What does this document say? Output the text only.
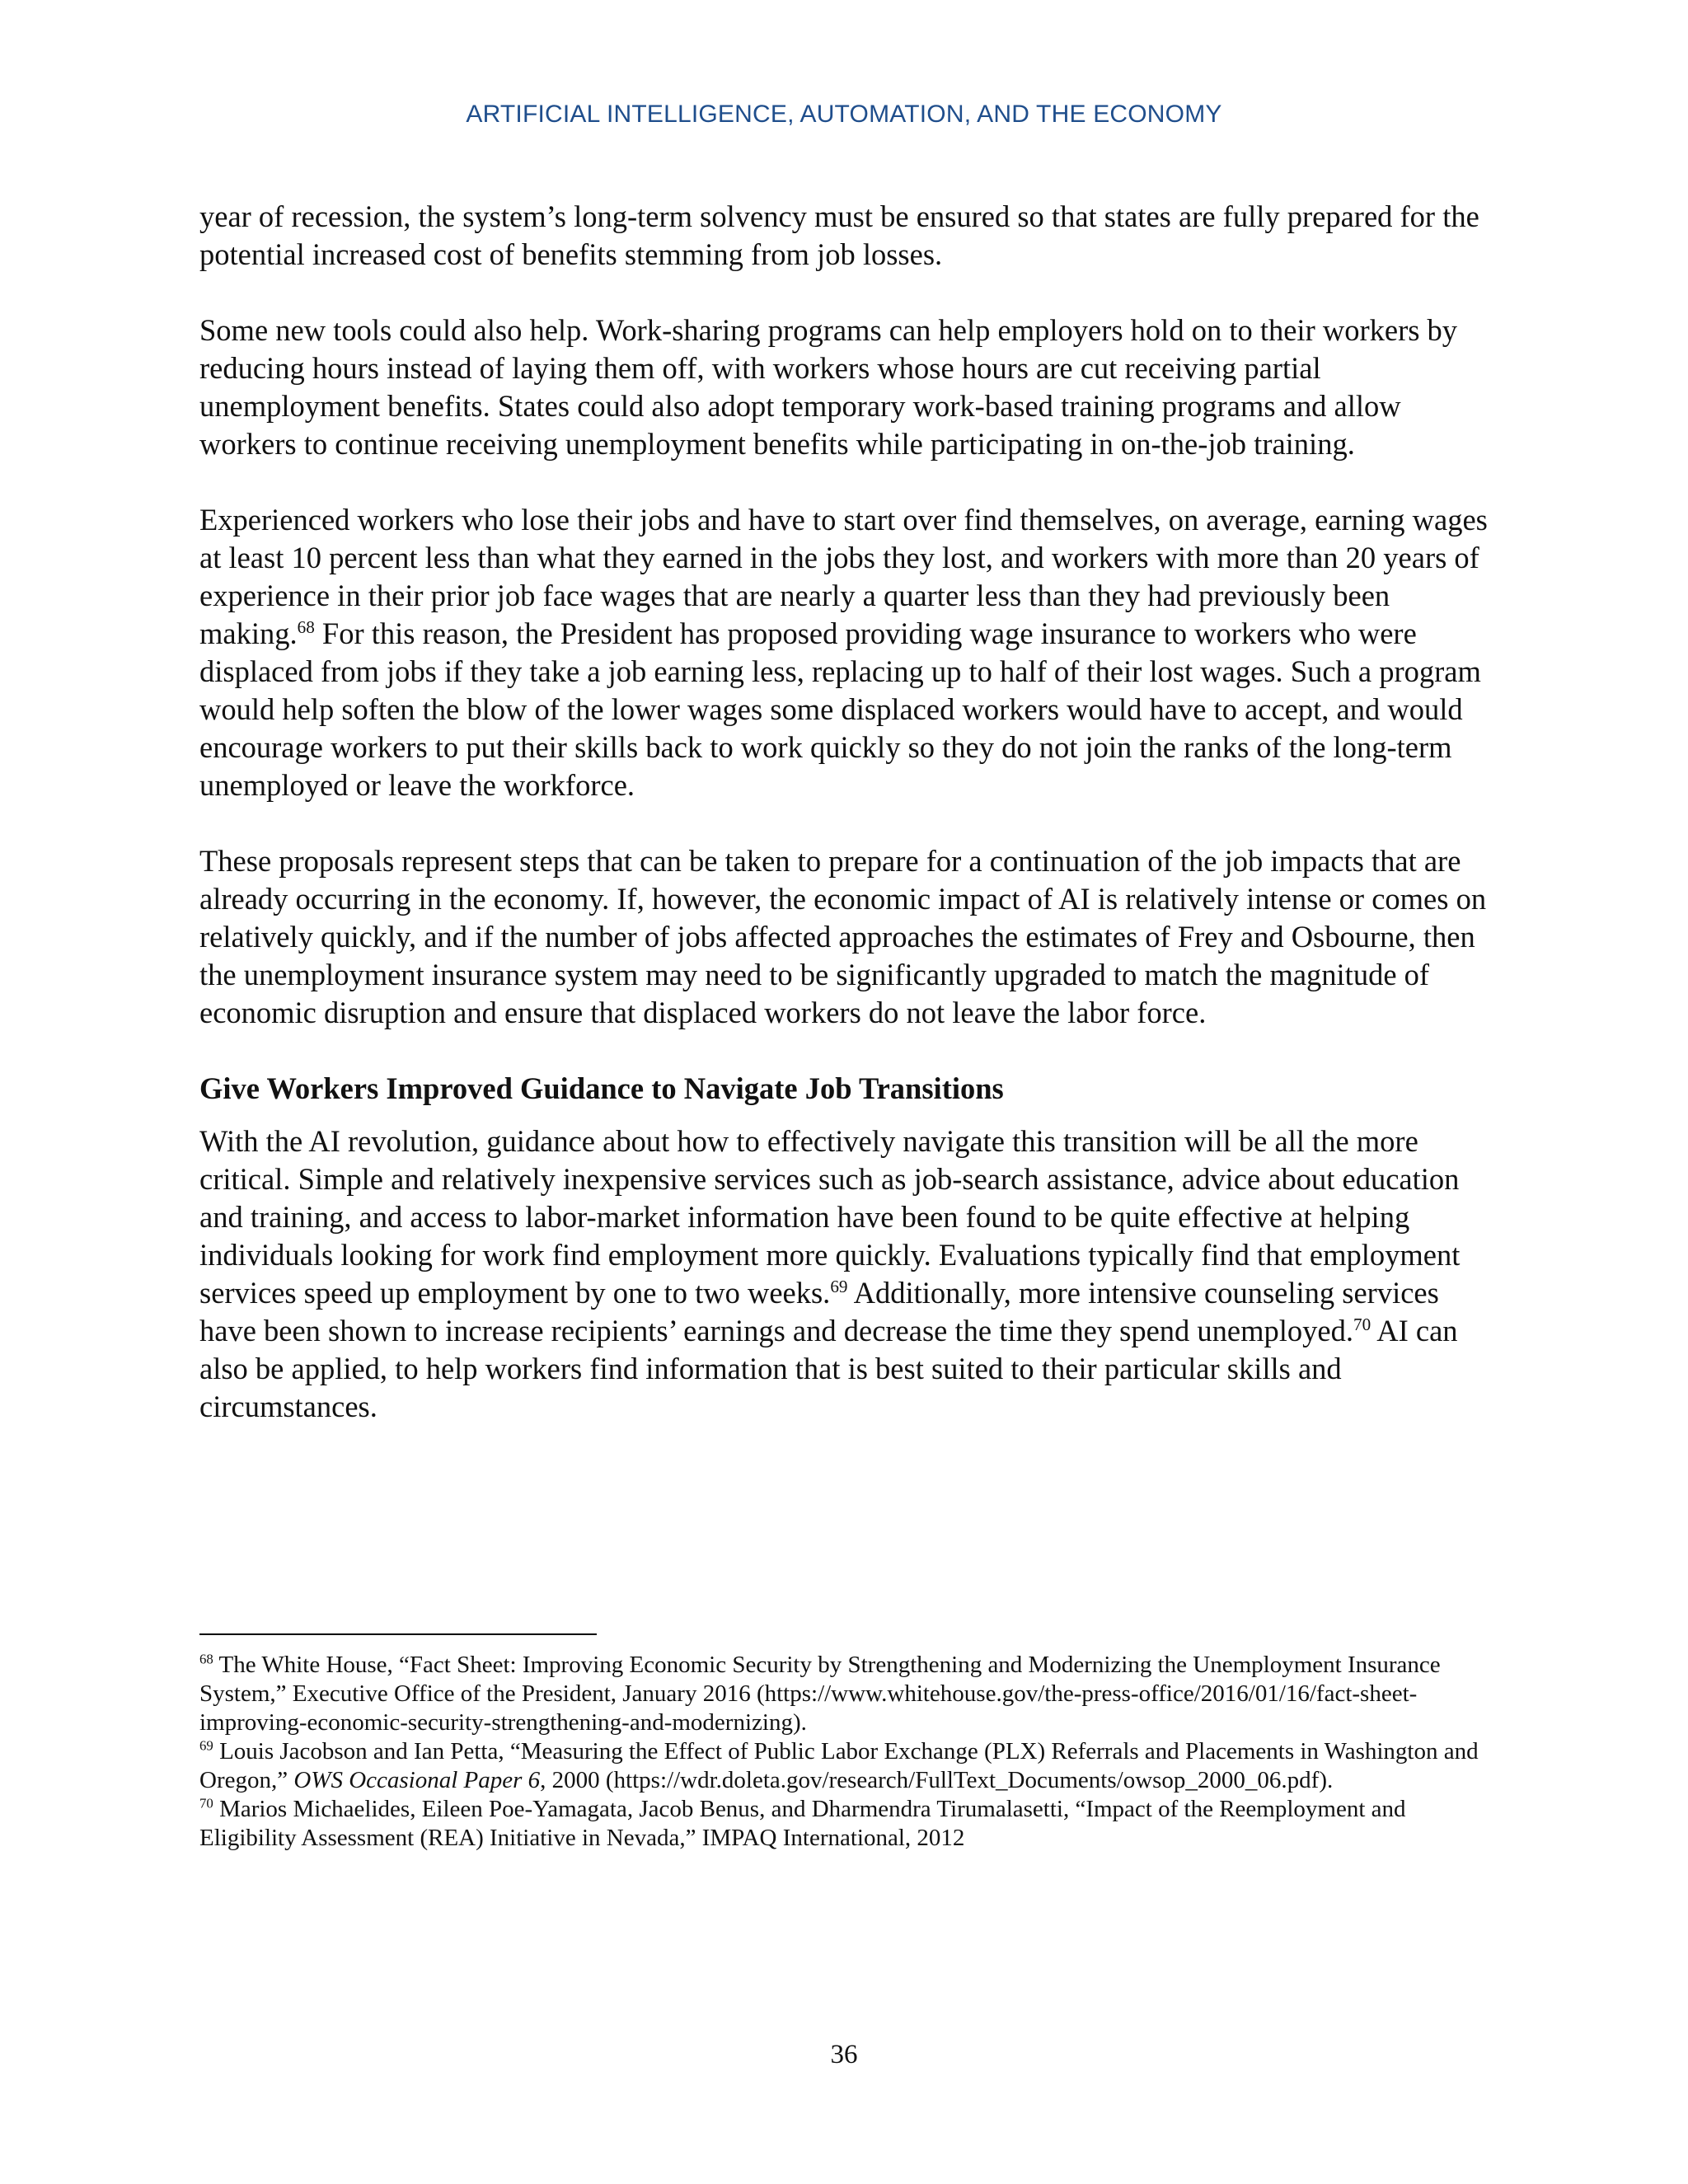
ARTIFICIAL INTELLIGENCE, AUTOMATION, AND THE ECONOMY

year of recession, the system’s long-term solvency must be ensured so that states are fully prepared for the potential increased cost of benefits stemming from job losses.

Some new tools could also help. Work-sharing programs can help employers hold on to their workers by reducing hours instead of laying them off, with workers whose hours are cut receiving partial unemployment benefits. States could also adopt temporary work-based training programs and allow workers to continue receiving unemployment benefits while participating in on-the-job training.

Experienced workers who lose their jobs and have to start over find themselves, on average, earning wages at least 10 percent less than what they earned in the jobs they lost, and workers with more than 20 years of experience in their prior job face wages that are nearly a quarter less than they had previously been making.$^{68}$ For this reason, the President has proposed providing wage insurance to workers who were displaced from jobs if they take a job earning less, replacing up to half of their lost wages. Such a program would help soften the blow of the lower wages some displaced workers would have to accept, and would encourage workers to put their skills back to work quickly so they do not join the ranks of the long-term unemployed or leave the workforce.

These proposals represent steps that can be taken to prepare for a continuation of the job impacts that are already occurring in the economy. If, however, the economic impact of AI is relatively intense or comes on relatively quickly, and if the number of jobs affected approaches the estimates of Frey and Osbourne, then the unemployment insurance system may need to be significantly upgraded to match the magnitude of economic disruption and ensure that displaced workers do not leave the labor force.

Give Workers Improved Guidance to Navigate Job Transitions

With the AI revolution, guidance about how to effectively navigate this transition will be all the more critical. Simple and relatively inexpensive services such as job-search assistance, advice about education and training, and access to labor-market information have been found to be quite effective at helping individuals looking for work find employment more quickly. Evaluations typically find that employment services speed up employment by one to two weeks.$^{69}$ Additionally, more intensive counseling services have been shown to increase recipients’ earnings and decrease the time they spend unemployed.$^{70}$ AI can also be applied, to help workers find information that is best suited to their particular skills and circumstances.

$^{68}$ The White House, “Fact Sheet: Improving Economic Security by Strengthening and Modernizing the Unemployment Insurance System,” Executive Office of the President, January 2016 (https://www.whitehouse.gov/the-press-office/2016/01/16/fact-sheet-improving-economic-security-strengthening-and-modernizing).

$^{69}$ Louis Jacobson and Ian Petta, “Measuring the Effect of Public Labor Exchange (PLX) Referrals and Placements in Washington and Oregon,” OWS Occasional Paper 6, 2000 (https://wdr.doleta.gov/research/FullText_Documents/owsop_2000_06.pdf).

$^{70}$ Marios Michaelides, Eileen Poe-Yamagata, Jacob Benus, and Dharmendra Tirumalasetti, “Impact of the Reemployment and Eligibility Assessment (REA) Initiative in Nevada,” IMPAQ International, 2012

36
